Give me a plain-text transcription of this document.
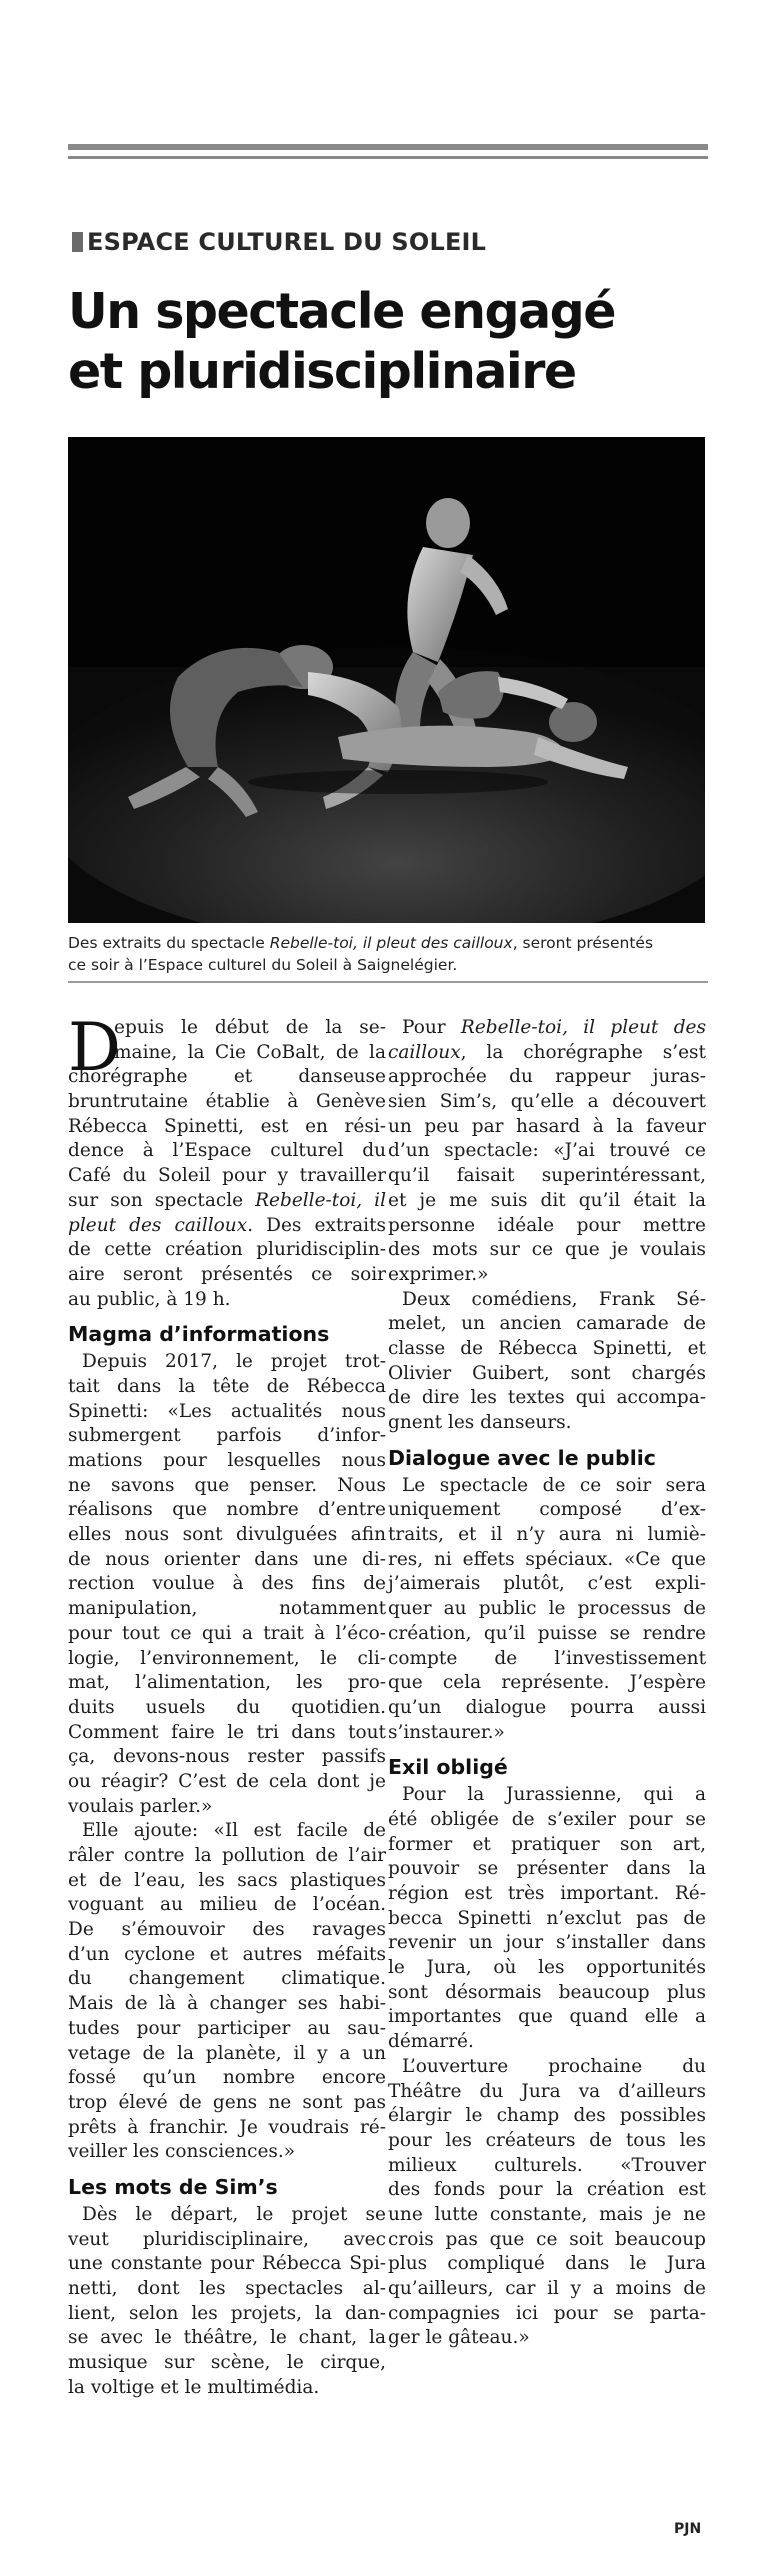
ESPACE CULTUREL DU SOLEIL
Un spectacle engagé
et pluridisciplinaire
Des extraits du spectacle Rebelle-toi, il pleut des cailloux, seront présentés
ce soir à l’Espace culturel du Soleil à Saignelégier.
D
epuis le début de la se-
maine, la Cie CoBalt, de la
chorégraphe et danseuse
bruntrutaine établie à Genève
Rébecca Spinetti, est en rési-
dence à l’Espace culturel du
Café du Soleil pour y travailler
sur son spectacle Rebelle-toi, il
pleut des cailloux. Des extraits
de cette création pluridisciplin-
aire seront présentés ce soir
au public, à 19 h.
Magma d’informations
Depuis 2017, le projet trot-
tait dans la tête de Rébecca
Spinetti: «Les actualités nous
submergent parfois d’infor-
mations pour lesquelles nous
ne savons que penser. Nous
réalisons que nombre d’entre
elles nous sont divulguées afin
de nous orienter dans une di-
rection voulue à des fins de
manipulation, notamment
pour tout ce qui a trait à l’éco-
logie, l’environnement, le cli-
mat, l’alimentation, les pro-
duits usuels du quotidien.
Comment faire le tri dans tout
ça, devons-nous rester passifs
ou réagir? C’est de cela dont je
voulais parler.»
Elle ajoute: «Il est facile de
râler contre la pollution de l’air
et de l’eau, les sacs plastiques
voguant au milieu de l’océan.
De s’émouvoir des ravages
d’un cyclone et autres méfaits
du changement climatique.
Mais de là à changer ses habi-
tudes pour participer au sau-
vetage de la planète, il y a un
fossé qu’un nombre encore
trop élevé de gens ne sont pas
prêts à franchir. Je voudrais ré-
veiller les consciences.»
Les mots de Sim’s
Dès le départ, le projet se
veut pluridisciplinaire, avec
une constante pour Rébecca Spi-
netti, dont les spectacles al-
lient, selon les projets, la dan-
se avec le théâtre, le chant, la
musique sur scène, le cirque,
la voltige et le multimédia.
Pour Rebelle-toi, il pleut des
cailloux, la chorégraphe s’est
approchée du rappeur juras-
sien Sim’s, qu’elle a découvert
un peu par hasard à la faveur
d’un spectacle: «J’ai trouvé ce
qu’il faisait superintéressant,
et je me suis dit qu’il était la
personne idéale pour mettre
des mots sur ce que je voulais
exprimer.»
Deux comédiens, Frank Sé-
melet, un ancien camarade de
classe de Rébecca Spinetti, et
Olivier Guibert, sont chargés
de dire les textes qui accompa-
gnent les danseurs.
Dialogue avec le public
Le spectacle de ce soir sera
uniquement composé d’ex-
traits, et il n’y aura ni lumiè-
res, ni effets spéciaux. «Ce que
j’aimerais plutôt, c’est expli-
quer au public le processus de
création, qu’il puisse se rendre
compte de l’investissement
que cela représente. J’espère
qu’un dialogue pourra aussi
s’instaurer.»
Exil obligé
Pour la Jurassienne, qui a
été obligée de s’exiler pour se
former et pratiquer son art,
pouvoir se présenter dans la
région est très important. Ré-
becca Spinetti n’exclut pas de
revenir un jour s’installer dans
le Jura, où les opportunités
sont désormais beaucoup plus
importantes que quand elle a
démarré.
L’ouverture prochaine du
Théâtre du Jura va d’ailleurs
élargir le champ des possibles
pour les créateurs de tous les
milieux culturels. «Trouver
des fonds pour la création est
une lutte constante, mais je ne
crois pas que ce soit beaucoup
plus compliqué dans le Jura
qu’ailleurs, car il y a moins de
compagnies ici pour se parta-
ger le gâteau.»
PJN
